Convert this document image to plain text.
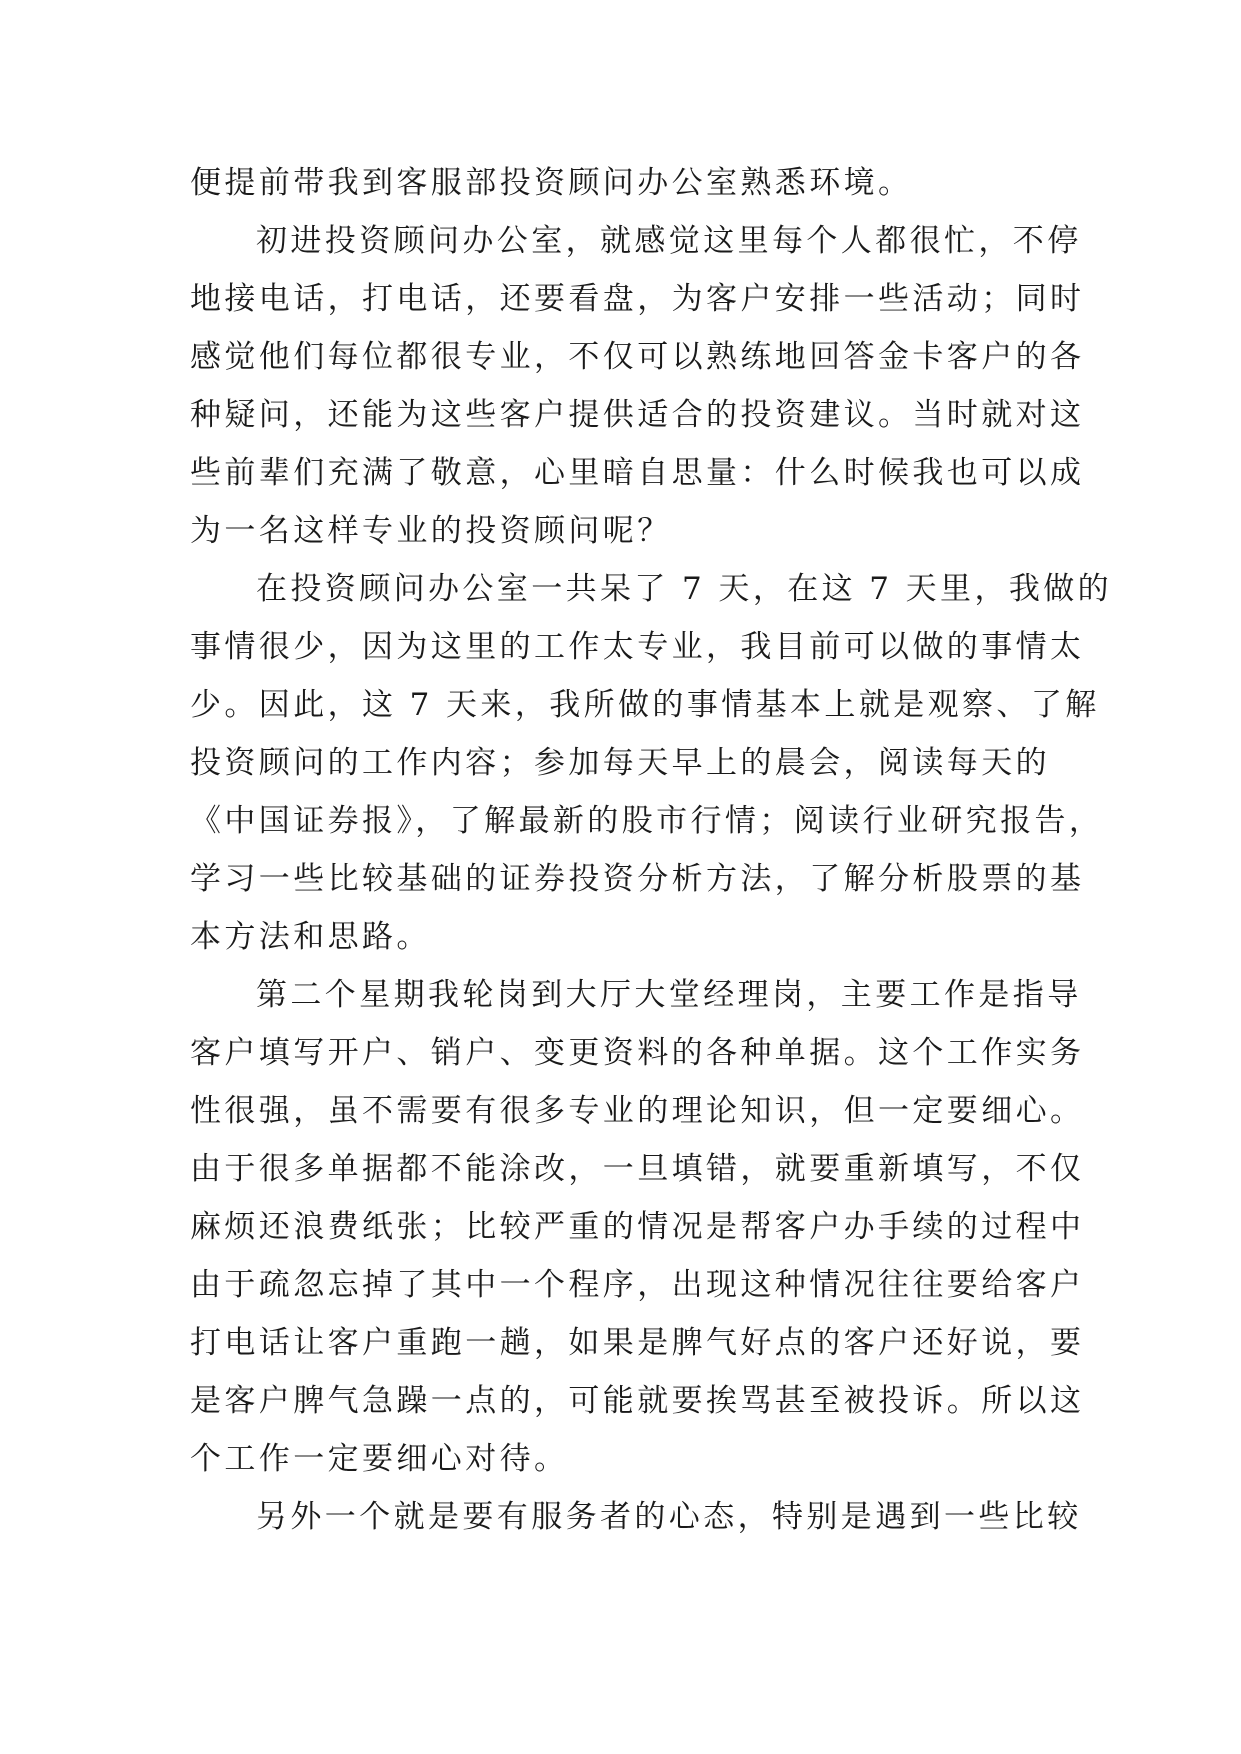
便提前带我到客服部投资顾问办公室熟悉环境。
初进投资顾问办公室，就感觉这里每个人都很忙，不停
地接电话，打电话，还要看盘，为客户安排一些活动；同时
感觉他们每位都很专业，不仅可以熟练地回答金卡客户的各
种疑问，还能为这些客户提供适合的投资建议。当时就对这
些前辈们充满了敬意，心里暗自思量：什么时候我也可以成
为一名这样专业的投资顾问呢？
在投资顾问办公室一共呆了 7 天，在这 7 天里，我做的
事情很少，因为这里的工作太专业，我目前可以做的事情太
少。因此，这 7 天来，我所做的事情基本上就是观察、了解
投资顾问的工作内容；参加每天早上的晨会，阅读每天的
《中国证券报》，了解最新的股市行情；阅读行业研究报告，
学习一些比较基础的证券投资分析方法，了解分析股票的基
本方法和思路。
第二个星期我轮岗到大厅大堂经理岗，主要工作是指导
客户填写开户、销户、变更资料的各种单据。这个工作实务
性很强，虽不需要有很多专业的理论知识，但一定要细心。
由于很多单据都不能涂改，一旦填错，就要重新填写，不仅
麻烦还浪费纸张；比较严重的情况是帮客户办手续的过程中
由于疏忽忘掉了其中一个程序，出现这种情况往往要给客户
打电话让客户重跑一趟，如果是脾气好点的客户还好说，要
是客户脾气急躁一点的，可能就要挨骂甚至被投诉。所以这
个工作一定要细心对待。
另外一个就是要有服务者的心态，特别是遇到一些比较
